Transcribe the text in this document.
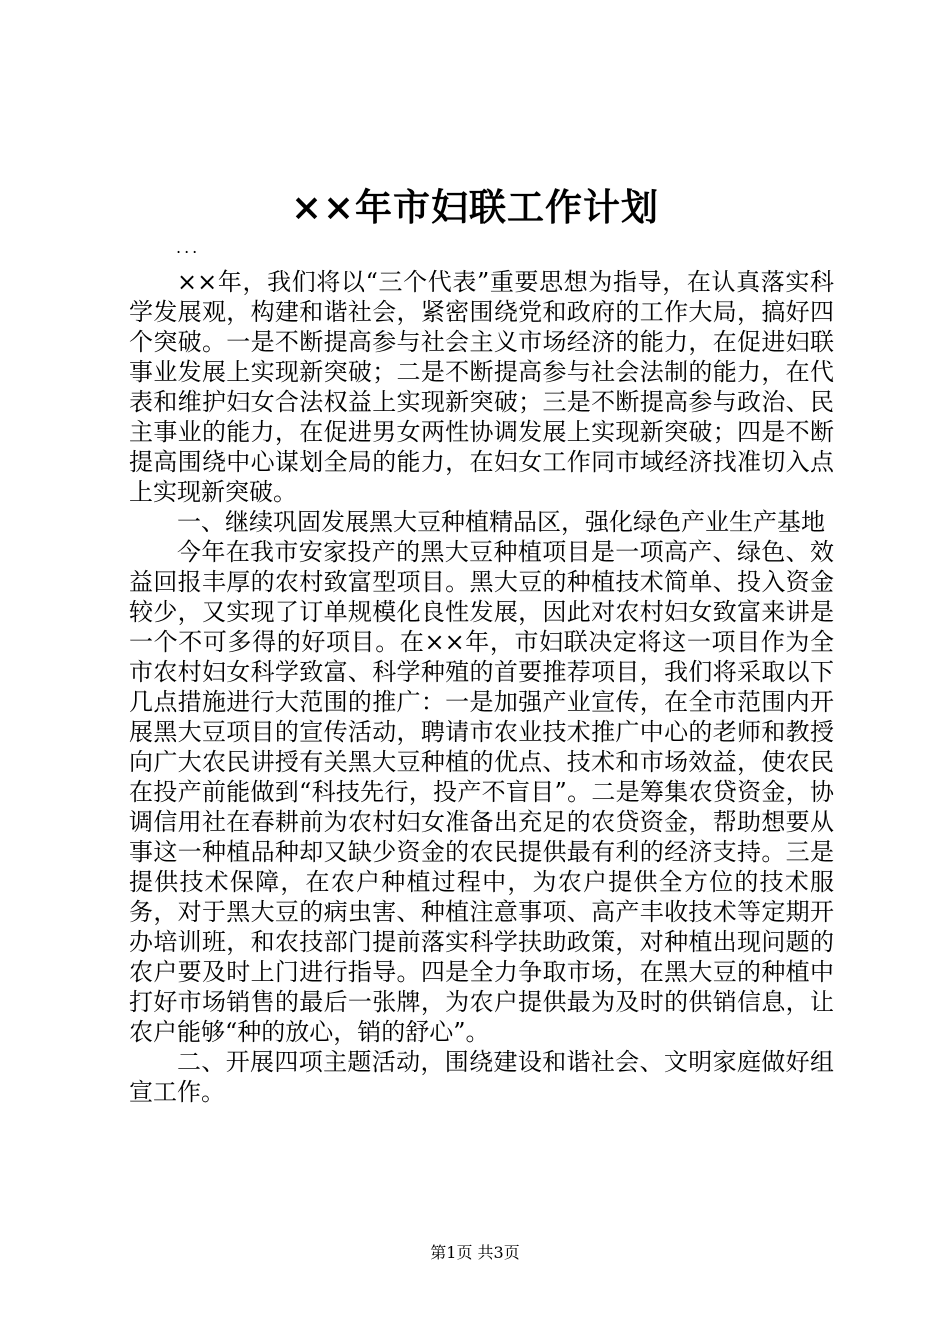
××年市妇联工作计划
...

××年，我们将以“三个代表”重要思想为指导，在认真落实科学发展观，构建和谐社会，紧密围绕党和政府的工作大局，搞好四个突破。一是不断提高参与社会主义市场经济的能力，在促进妇联事业发展上实现新突破；二是不断提高参与社会法制的能力，在代表和维护妇女合法权益上实现新突破；三是不断提高参与政治、民主事业的能力，在促进男女两性协调发展上实现新突破；四是不断提高围绕中心谋划全局的能力，在妇女工作同市域经济找准切入点上实现新突破。

一、继续巩固发展黑大豆种植精品区，强化绿色产业生产基地

今年在我市安家投产的黑大豆种植项目是一项高产、绿色、效益回报丰厚的农村致富型项目。黑大豆的种植技术简单、投入资金较少，又实现了订单规模化良性发展，因此对农村妇女致富来讲是一个不可多得的好项目。在××年，市妇联决定将这一项目作为全市农村妇女科学致富、科学种殖的首要推荐项目，我们将采取以下几点措施进行大范围的推广：一是加强产业宣传，在全市范围内开展黑大豆项目的宣传活动，聘请市农业技术推广中心的老师和教授向广大农民讲授有关黑大豆种植的优点、技术和市场效益，使农民在投产前能做到“科技先行，投产不盲目”。二是筹集农贷资金，协调信用社在春耕前为农村妇女准备出充足的农贷资金，帮助想要从事这一种植品种却又缺少资金的农民提供最有利的经济支持。三是提供技术保障，在农户种植过程中，为农户提供全方位的技术服务，对于黑大豆的病虫害、种植注意事项、高产丰收技术等定期开办培训班，和农技部门提前落实科学扶助政策，对种植出现问题的农户要及时上门进行指导。四是全力争取市场，在黑大豆的种植中打好市场销售的最后一张牌，为农户提供最为及时的供销信息，让农户能够“种的放心，销的舒心”。

二、开展四项主题活动，围绕建设和谐社会、文明家庭做好组宣工作。

第1页 共3页
